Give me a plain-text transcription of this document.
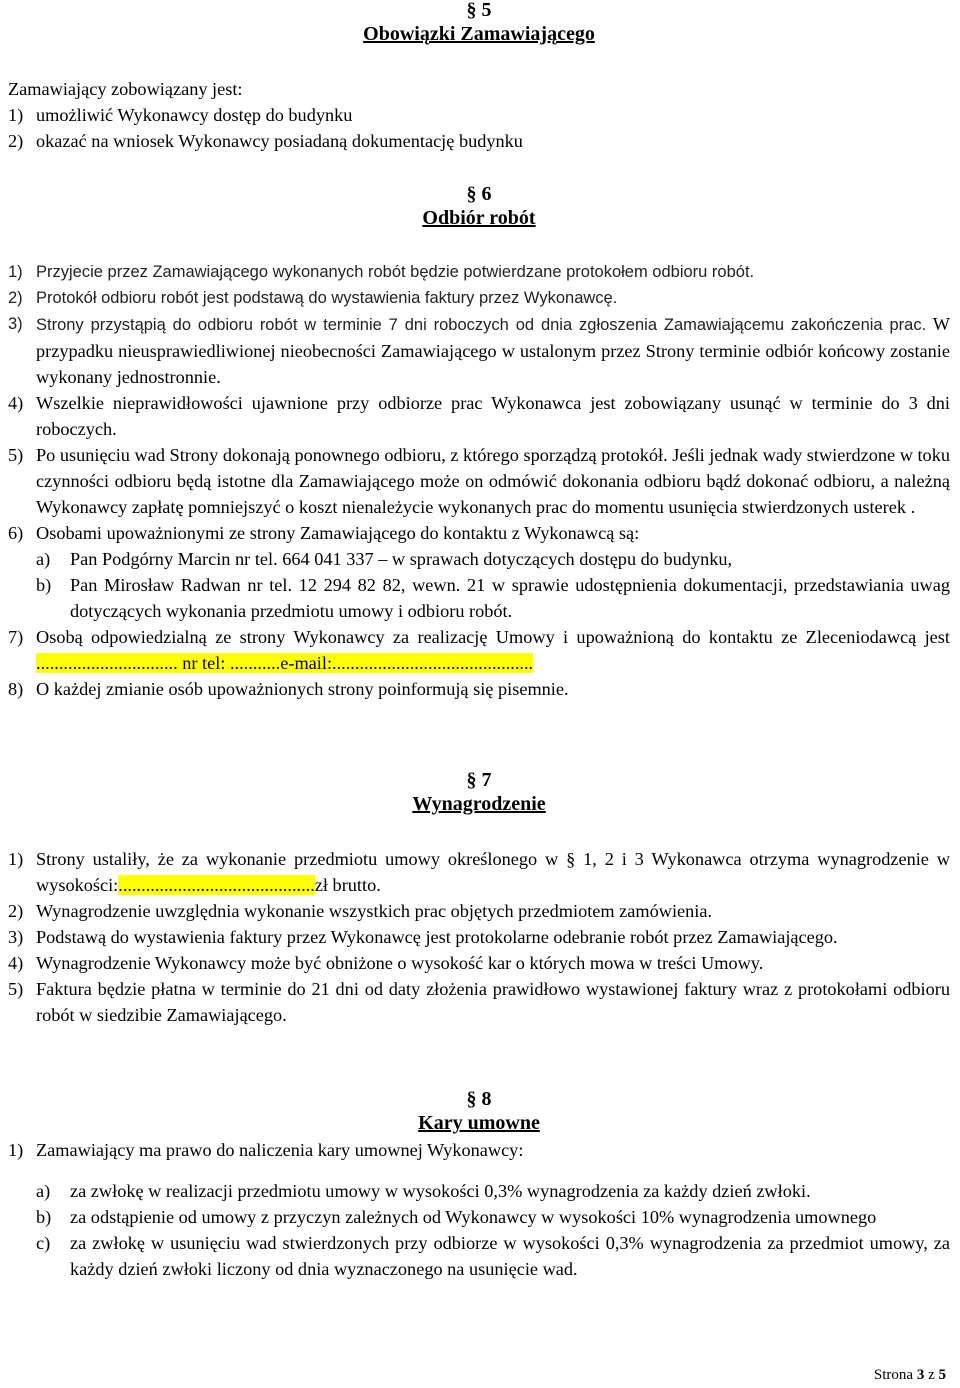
§ 5

Obowiązki Zamawiającego

Zamawiający zobowiązany jest:

1) umożliwić Wykonawcy dostęp do budynku
2) okazać na wniosek Wykonawcy posiadaną dokumentację budynku

§ 6

Odbiór robót

1) Przyjecie przez Zamawiającego wykonanych robót będzie potwierdzane protokołem odbioru robót.
2) Protokół odbioru robót jest podstawą do wystawienia faktury przez Wykonawcę.
3) Strony przystąpią do odbioru robót w terminie 7 dni roboczych od dnia zgłoszenia Zamawiającemu zakończenia prac. W przypadku nieusprawiedliwionej nieobecności Zamawiającego w ustalonym przez Strony terminie odbiór końcowy zostanie wykonany jednostronnie.
4) Wszelkie nieprawidłowości ujawnione przy odbiorze prac Wykonawca jest zobowiązany usunąć w terminie do 3 dni roboczych.
5) Po usunięciu wad Strony dokonają ponownego odbioru, z którego sporządzą protokół. Jeśli jednak wady stwierdzone w toku czynności odbioru będą istotne dla Zamawiającego może on odmówić dokonania odbioru bądź dokonać odbioru, a należną Wykonawcy zapłatę pomniejszyć o koszt nienależycie wykonanych prac do momentu usunięcia stwierdzonych usterek .
6) Osobami upoważnionymi ze strony Zamawiającego do kontaktu z Wykonawcą są:
a)	Pan Podgórny Marcin nr tel. 664 041 337 – w sprawach dotyczących dostępu do budynku,
b)	Pan Mirosław Radwan nr tel. 12 294 82 82, wewn. 21 w sprawie udostępnienia dokumentacji, przedstawiania uwag dotyczących wykonania przedmiotu umowy i odbioru robót.
7) Osobą odpowiedzialną ze strony Wykonawcy za realizację Umowy i upoważnioną do kontaktu ze Zleceniodawcą jest ............................... nr tel: ...........e-mail:............................................
8) O każdej zmianie osób upoważnionych strony poinformują się pisemnie.

§ 7

Wynagrodzenie

1) Strony ustaliły, że za wykonanie przedmiotu umowy określonego w § 1, 2 i 3 Wykonawca otrzyma wynagrodzenie w wysokości:...........................................zł brutto.
2) Wynagrodzenie uwzględnia wykonanie wszystkich prac objętych przedmiotem zamówienia.
3) Podstawą do wystawienia faktury przez Wykonawcę jest protokolarne odebranie robót przez Zamawiającego.
4) Wynagrodzenie Wykonawcy może być obniżone o wysokość kar o których mowa w treści Umowy.
5) Faktura będzie płatna w terminie do 21 dni od daty złożenia prawidłowo wystawionej faktury wraz z protokołami odbioru robót w siedzibie Zamawiającego.

§ 8

Kary umowne

1) Zamawiający ma prawo do naliczenia kary umownej Wykonawcy:
a)	za zwłokę w realizacji przedmiotu umowy w wysokości 0,3% wynagrodzenia za każdy dzień zwłoki.
b)	za odstąpienie od umowy z przyczyn zależnych od Wykonawcy w wysokości 10% wynagrodzenia umownego
c)	za zwłokę w usunięciu wad stwierdzonych przy odbiorze w wysokości 0,3% wynagrodzenia za przedmiot umowy, za każdy dzień zwłoki liczony od dnia wyznaczonego na usunięcie wad.
Strona 3 z 5
